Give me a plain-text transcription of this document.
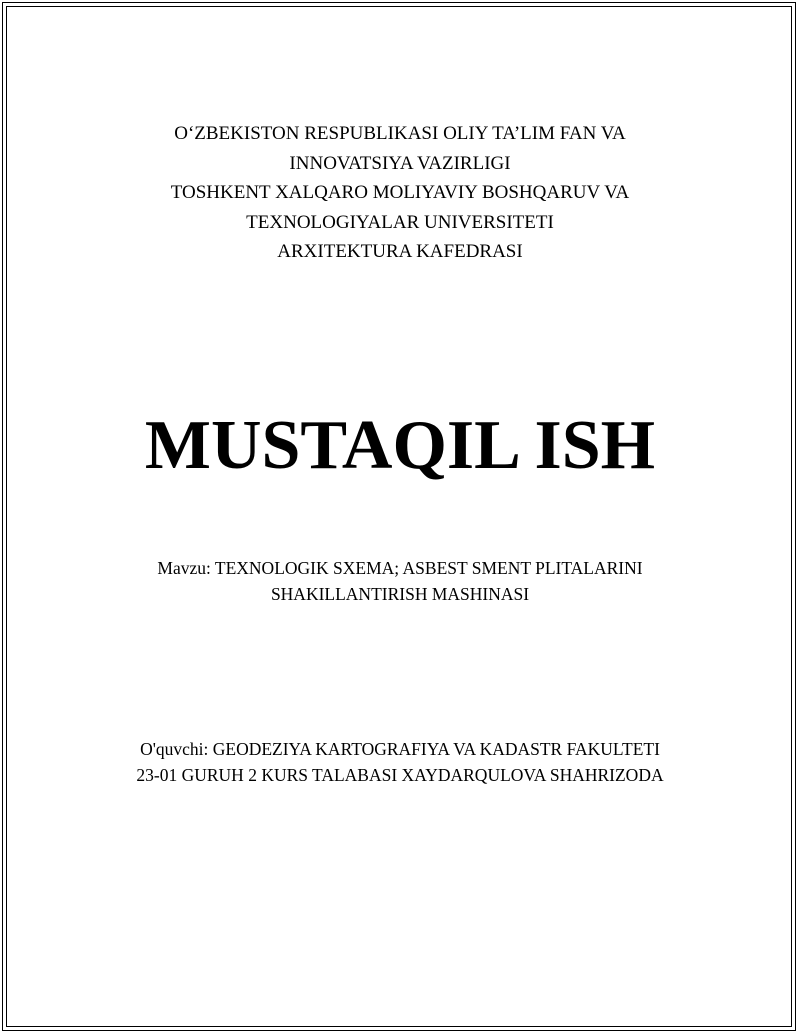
O‘ZBEKISTON RESPUBLIKASI OLIY TA’LIM FAN VA
INNOVATSIYA VAZIRLIGI
TOSHKENT XALQARO MOLIYAVIY BOSHQARUV VA
TEXNOLOGIYALAR UNIVERSITETI
ARXITEKTURA KAFEDRASI
MUSTAQIL ISH
Mavzu: TEXNOLOGIK SXEMA; ASBEST SMENT PLITALARINI
SHAKILLANTIRISH MASHINASI
O'quvchi: GEODEZIYA KARTOGRAFIYA VA KADASTR FAKULTETI
23-01 GURUH 2 KURS TALABASI XAYDARQULOVA SHAHRIZODA
